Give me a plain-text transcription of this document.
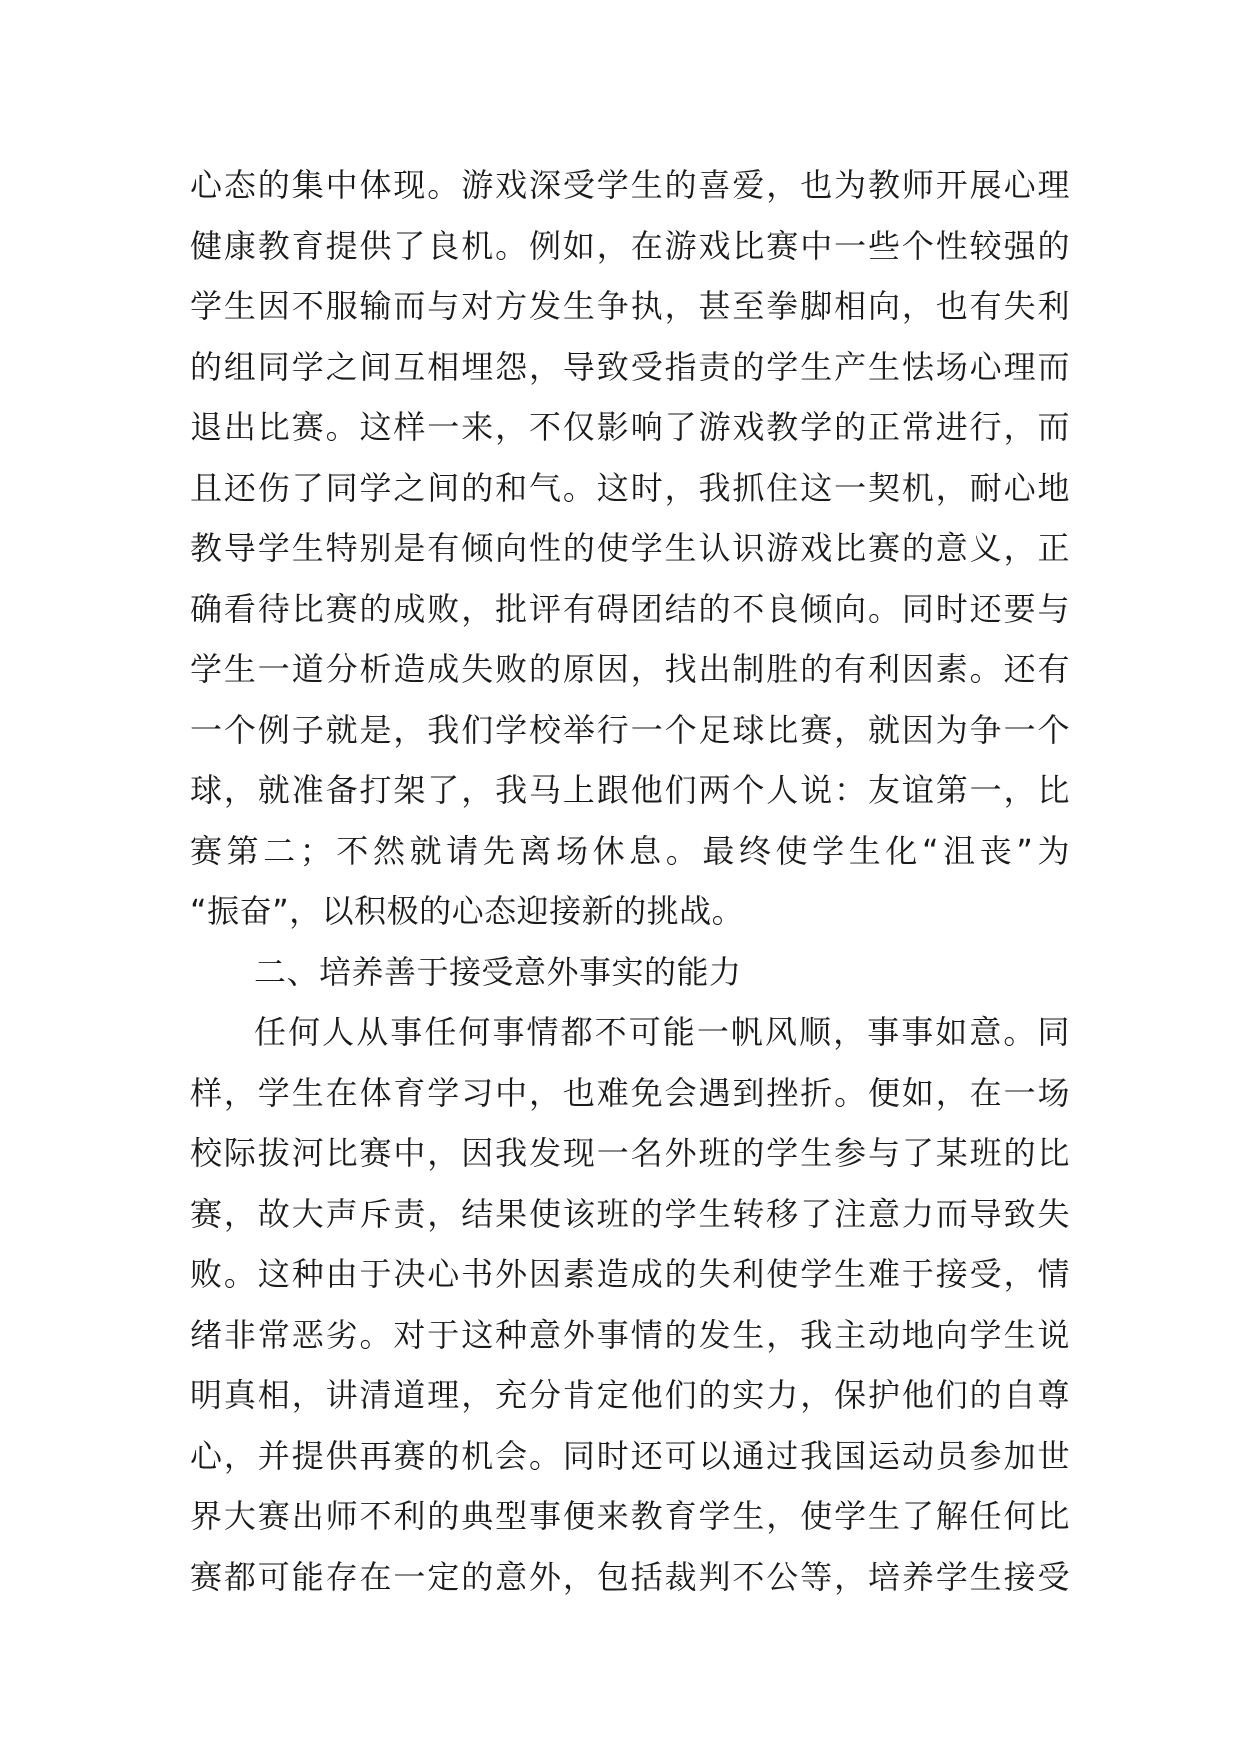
心态的集中体现。游戏深受学生的喜爱，也为教师开展心理
健康教育提供了良机。例如，在游戏比赛中一些个性较强的
学生因不服输而与对方发生争执，甚至拳脚相向，也有失利
的组同学之间互相埋怨，导致受指责的学生产生怯场心理而
退出比赛。这样一来，不仅影响了游戏教学的正常进行，而
且还伤了同学之间的和气。这时，我抓住这一契机，耐心地
教导学生特别是有倾向性的使学生认识游戏比赛的意义，正
确看待比赛的成败，批评有碍团结的不良倾向。同时还要与
学生一道分析造成失败的原因，找出制胜的有利因素。还有
一个例子就是，我们学校举行一个足球比赛，就因为争一个
球，就准备打架了，我马上跟他们两个人说：友谊第一，比
赛第二；不然就请先离场休息。最终使学生化“沮丧”为
“振奋”，以积极的心态迎接新的挑战。
二、培养善于接受意外事实的能力
任何人从事任何事情都不可能一帆风顺，事事如意。同
样，学生在体育学习中，也难免会遇到挫折。便如，在一场
校际拔河比赛中，因我发现一名外班的学生参与了某班的比
赛，故大声斥责，结果使该班的学生转移了注意力而导致失
败。这种由于决心书外因素造成的失利使学生难于接受，情
绪非常恶劣。对于这种意外事情的发生，我主动地向学生说
明真相，讲清道理，充分肯定他们的实力，保护他们的自尊
心，并提供再赛的机会。同时还可以通过我国运动员参加世
界大赛出师不利的典型事便来教育学生，使学生了解任何比
赛都可能存在一定的意外，包括裁判不公等，培养学生接受
